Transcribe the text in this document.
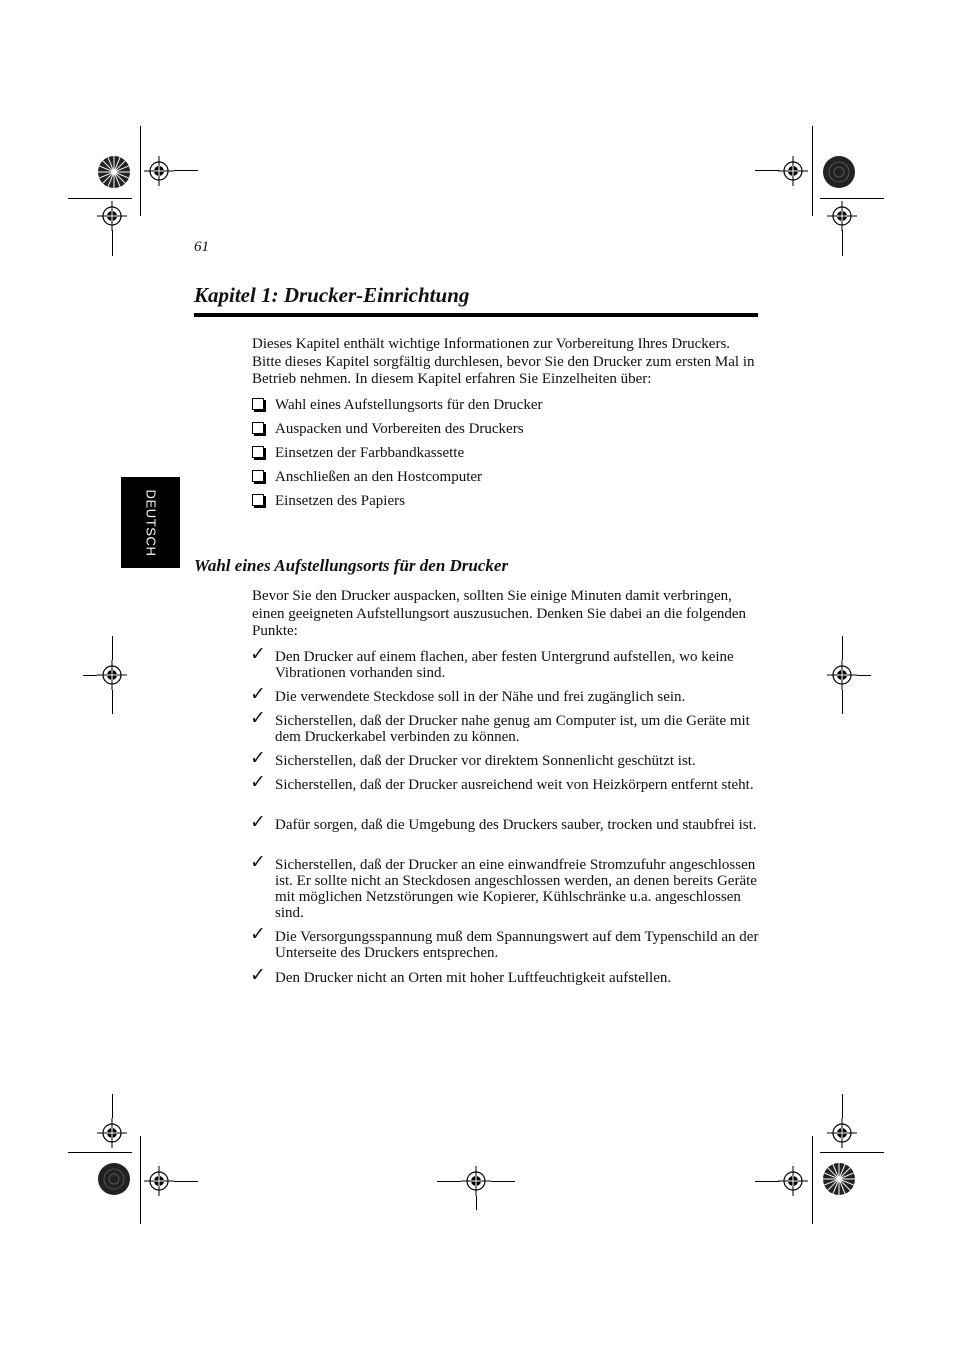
61
Kapitel 1: Drucker-Einrichtung
Dieses Kapitel enthält wichtige Informationen zur Vorbereitung Ihres Druckers. Bitte dieses Kapitel sorgfältig durchlesen, bevor Sie den Drucker zum ersten Mal in Betrieb nehmen. In diesem Kapitel erfahren Sie Einzelheiten über:
Wahl eines Aufstellungsorts für den Drucker
Auspacken und Vorbereiten des Druckers
Einsetzen der Farbbandkassette
Anschließen an den Hostcomputer
Einsetzen des Papiers
DEUTSCH
Wahl eines Aufstellungsorts für den Drucker
Bevor Sie den Drucker auspacken, sollten Sie einige Minuten damit verbringen, einen geeigneten Aufstellungsort auszusuchen. Denken Sie dabei an die folgenden Punkte:
✓ Den Drucker auf einem flachen, aber festen Untergrund aufstellen, wo keine Vibrationen vorhanden sind.
✓ Die verwendete Steckdose soll in der Nähe und frei zugänglich sein.
✓ Sicherstellen, daß der Drucker nahe genug am Computer ist, um die Geräte mit dem Druckerkabel verbinden zu können.
✓ Sicherstellen, daß der Drucker vor direktem Sonnenlicht geschützt ist.
✓ Sicherstellen, daß der Drucker ausreichend weit von Heizkörpern entfernt steht.
✓ Dafür sorgen, daß die Umgebung des Druckers sauber, trocken und staubfrei ist.
✓ Sicherstellen, daß der Drucker an eine einwandfreie Stromzufuhr angeschlossen ist. Er sollte nicht an Steckdosen angeschlossen werden, an denen bereits Geräte mit möglichen Netzstörungen wie Kopierer, Kühlschränke u.a. angeschlossen sind.
✓ Die Versorgungsspannung muß dem Spannungswert auf dem Typenschild an der Unterseite des Druckers entsprechen.
✓ Den Drucker nicht an Orten mit hoher Luftfeuchtigkeit aufstellen.
